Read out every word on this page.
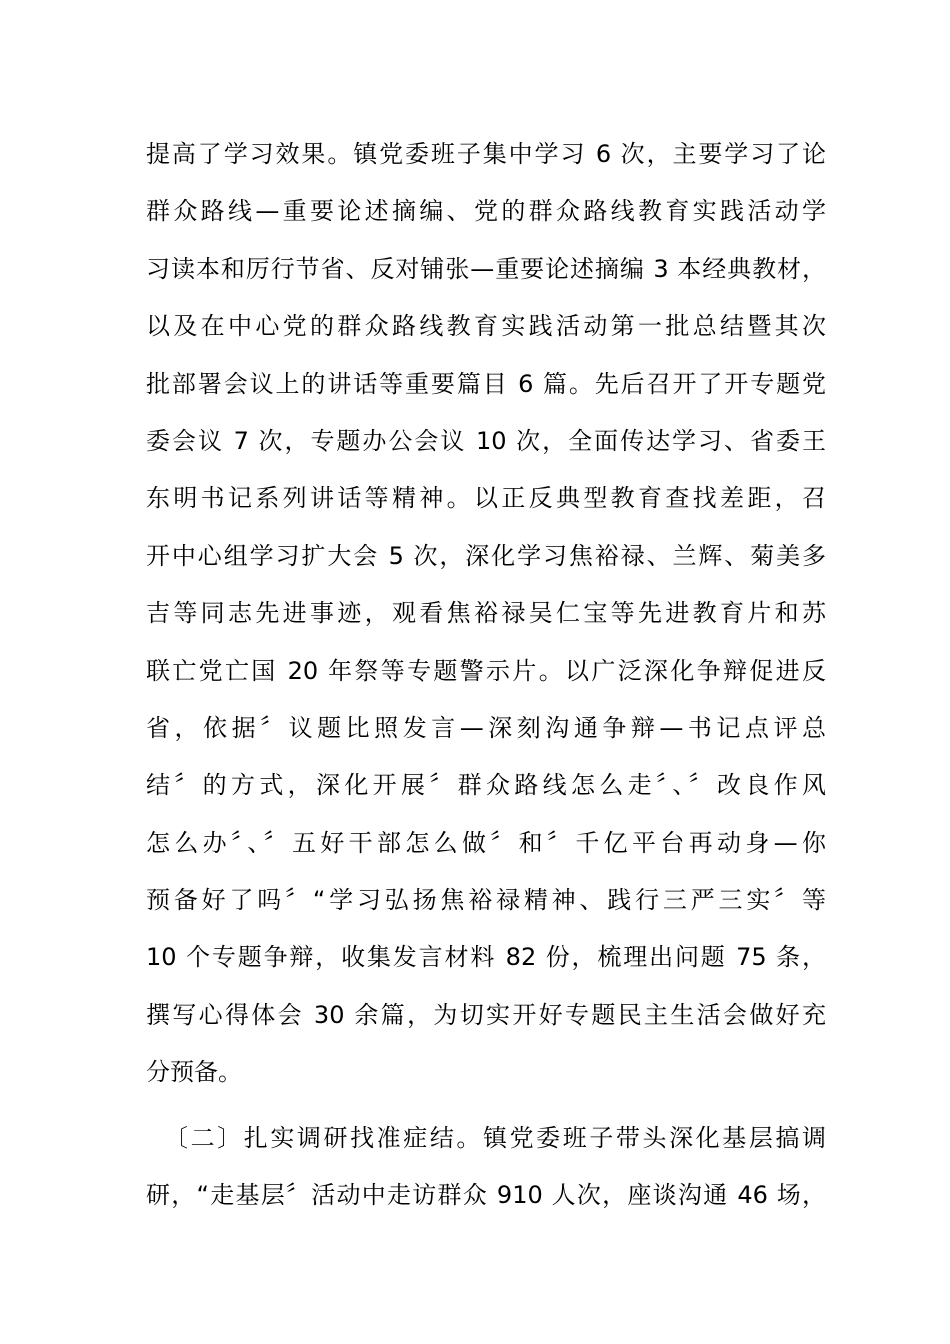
提高了学习效果。镇党委班子集中学习 6 次，主要学习了论
群众路线—重要论述摘编、党的群众路线教育实践活动学
习读本和厉行节省、反对铺张—重要论述摘编 3 本经典教材，
以及在中心党的群众路线教育实践活动第一批总结暨其次
批部署会议上的讲话等重要篇目 6 篇。先后召开了开专题党
委会议 7 次，专题办公会议 10 次，全面传达学习、省委王
东明书记系列讲话等精神。以正反典型教育查找差距，召
开中心组学习扩大会 5 次，深化学习焦裕禄、兰辉、菊美多
吉等同志先进事迹，观看焦裕禄吴仁宝等先进教育片和苏
联亡党亡国 20 年祭等专题警示片。以广泛深化争辩促进反
省，依据〞议题比照发言—深刻沟通争辩—书记点评总
结〞的方式，深化开展〞群众路线怎么走〞、〞改良作风
怎么办〞、〞五好干部怎么做〞和〞千亿平台再动身—你
预备好了吗〞“学习弘扬焦裕禄精神、践行三严三实〞等
10 个专题争辩，收集发言材料 82 份，梳理出问题 75 条，
撰写心得体会 30 余篇，为切实开好专题民主生活会做好充
分预备。
〔二〕扎实调研找准症结。镇党委班子带头深化基层搞调
研，“走基层〞活动中走访群众 910 人次，座谈沟通 46 场，
